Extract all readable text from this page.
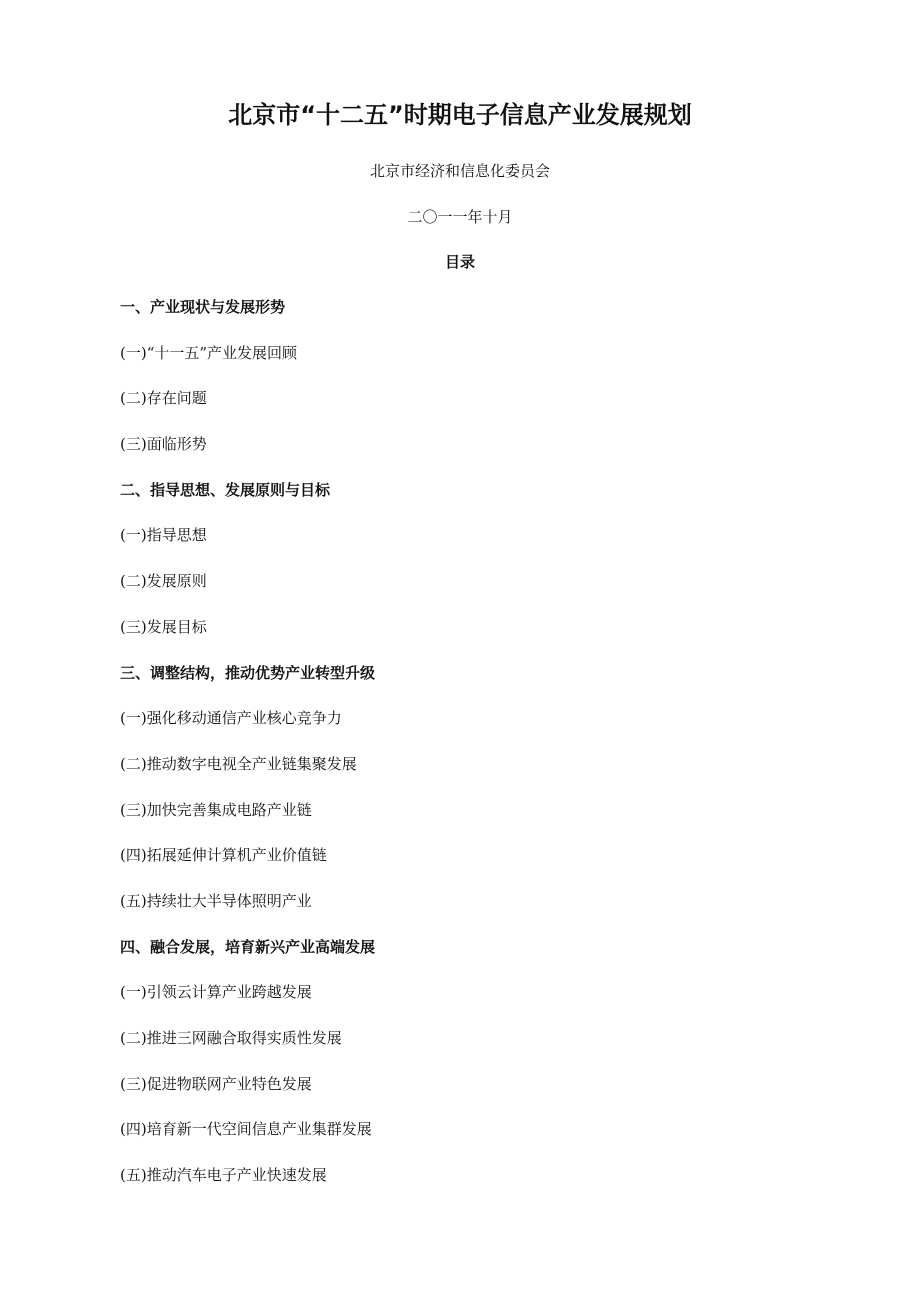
北京市“十二五”时期电子信息产业发展规划
北京市经济和信息化委员会
二〇一一年十月
目录
一、产业现状与发展形势
(一)“十一五”产业发展回顾
(二)存在问题
(三)面临形势
二、指导思想、发展原则与目标
(一)指导思想
(二)发展原则
(三)发展目标
三、调整结构，推动优势产业转型升级
(一)强化移动通信产业核心竞争力
(二)推动数字电视全产业链集聚发展
(三)加快完善集成电路产业链
(四)拓展延伸计算机产业价值链
(五)持续壮大半导体照明产业
四、融合发展，培育新兴产业高端发展
(一)引领云计算产业跨越发展
(二)推进三网融合取得实质性发展
(三)促进物联网产业特色发展
(四)培育新一代空间信息产业集群发展
(五)推动汽车电子产业快速发展
